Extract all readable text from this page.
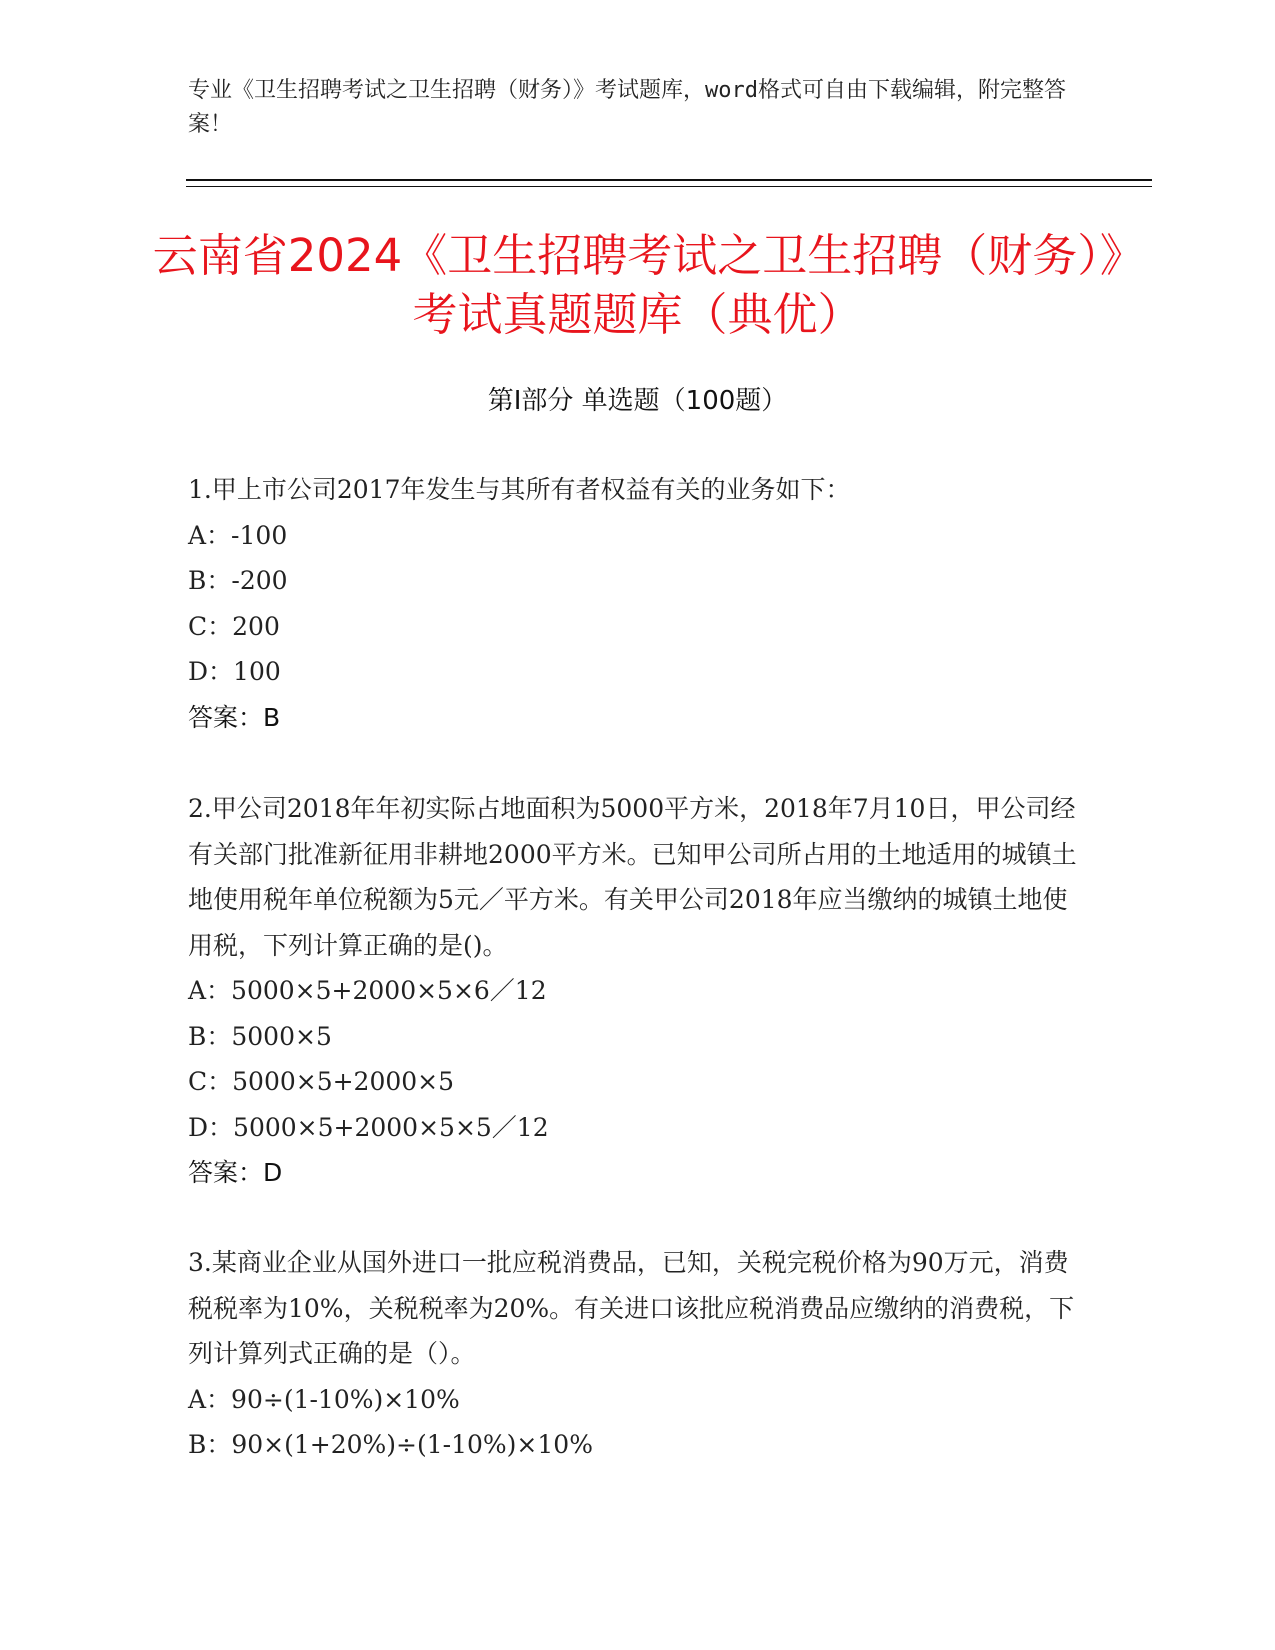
专业《卫生招聘考试之卫生招聘（财务）》考试题库，word格式可自由下载编辑，附完整答案！
云南省2024《卫生招聘考试之卫生招聘（财务）》考试真题题库（典优）
第Ⅰ部分 单选题（100题）

1.甲上市公司2017年发生与其所有者权益有关的业务如下：

A：-100

B：-200

C：200

D：100

答案：B

2.甲公司2018年年初实际占地面积为5000平方米，2018年7月10日，甲公司经有关部门批准新征用非耕地2000平方米。已知甲公司所占用的土地适用的城镇土地使用税年单位税额为5元／平方米。有关甲公司2018年应当缴纳的城镇土地使用税，下列计算正确的是()。

A：5000×5+2000×5×6／12

B：5000×5

C：5000×5+2000×5

D：5000×5+2000×5×5／12

答案：D

3.某商业企业从国外进口一批应税消费品，已知，关税完税价格为90万元，消费税税率为10%，关税税率为20%。有关进口该批应税消费品应缴纳的消费税，下列计算列式正确的是（）。

A：90÷(1-10%)×10%

B：90×(1+20%)÷(1-10%)×10%
